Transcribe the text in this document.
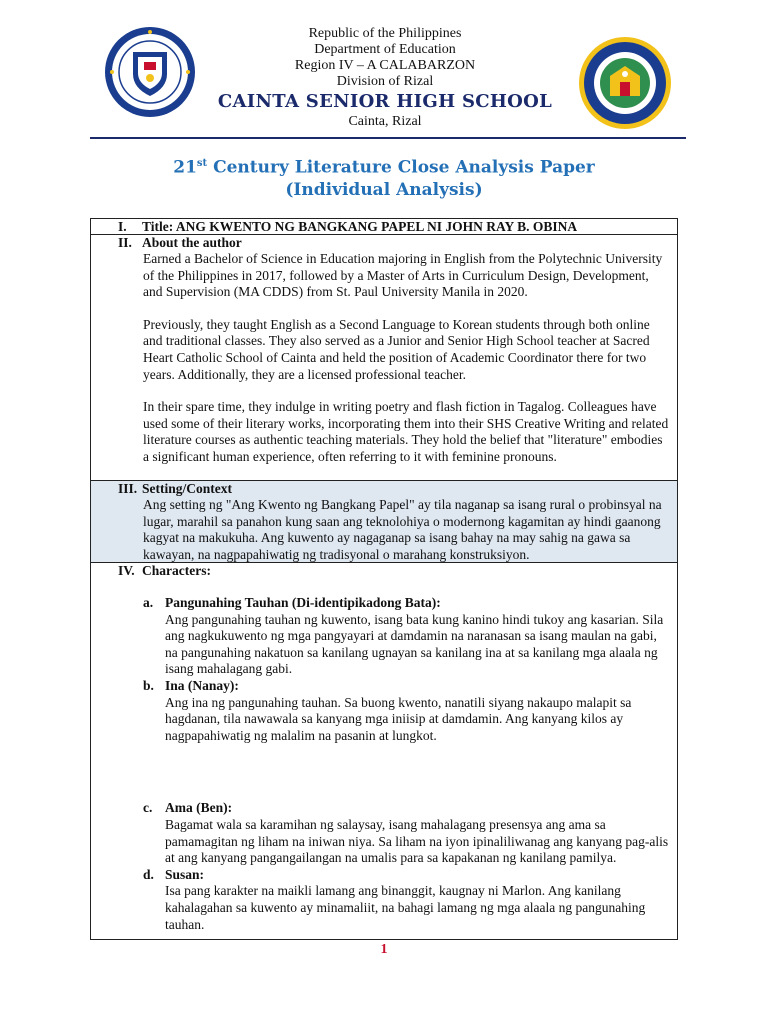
Republic of the Philippines
Department of Education
Region IV – A CALABARZON
Division of Rizal
CAINTA SENIOR HIGH SCHOOL
Cainta, Rizal
21st Century Literature Close Analysis Paper
(Individual Analysis)
I.	Title: ANG KWENTO NG BANGKANG PAPEL NI JOHN RAY B. OBINA
II. About the author

Earned a Bachelor of Science in Education majoring in English from the Polytechnic University of the Philippines in 2017, followed by a Master of Arts in Curriculum Design, Development, and Supervision (MA CDDS) from St. Paul University Manila in 2020.

Previously, they taught English as a Second Language to Korean students through both online and traditional classes. They also served as a Junior and Senior High School teacher at Sacred Heart Catholic School of Cainta and held the position of Academic Coordinator there for two years. Additionally, they are a licensed professional teacher.

In their spare time, they indulge in writing poetry and flash fiction in Tagalog. Colleagues have used some of their literary works, incorporating them into their SHS Creative Writing and related literature courses as authentic teaching materials. They hold the belief that "literature" embodies a significant human experience, often referring to it with feminine pronouns.

III. Setting/Context
Ang setting ng "Ang Kwento ng Bangkang Papel" ay tila naganap sa isang rural o probinsyal na lugar, marahil sa panahon kung saan ang teknolohiya o modernong kagamitan ay hindi gaanong kagyat na makukuha. Ang kuwento ay nagaganap sa isang bahay na may sahig na gawa sa kawayan, na nagpapahiwatig ng tradisyonal o marahang konstruksiyon.
IV. Characters:
a. Pangunahing Tauhan (Di-identipikadong Bata):

Ang pangunahing tauhan ng kuwento, isang bata kung kanino hindi tukoy ang kasarian. Sila ang nagkukuwento ng mga pangyayari at damdamin na naranasan sa isang maulan na gabi, na pangunahing nakatuon sa kanilang ugnayan sa kanilang ina at sa kanilang mga alaala ng isang mahalagang gabi.

b. Ina (Nanay):

Ang ina ng pangunahing tauhan. Sa buong kwento, nanatili siyang nakaupo malapit sa hagdanan, tila nawawala sa kanyang mga iniisip at damdamin. Ang kanyang kilos ay nagpapahiwatig ng malalim na pasanin at lungkot.

c. Ama (Ben):

Bagamat wala sa karamihan ng salaysay, isang mahalagang presensya ang ama sa pamamagitan ng liham na iniwan niya. Sa liham na iyon ipinaliliwanag ang kanyang pag-alis at ang kanyang pangangailangan na umalis para sa kapakanan ng kanilang pamilya.

d. Susan:

Isa pang karakter na maikli lamang ang binanggit, kaugnay ni Marlon. Ang kanilang kahalagahan sa kuwento ay minamaliit, na bahagi lamang ng mga alaala ng pangunahing tauhan.

1
